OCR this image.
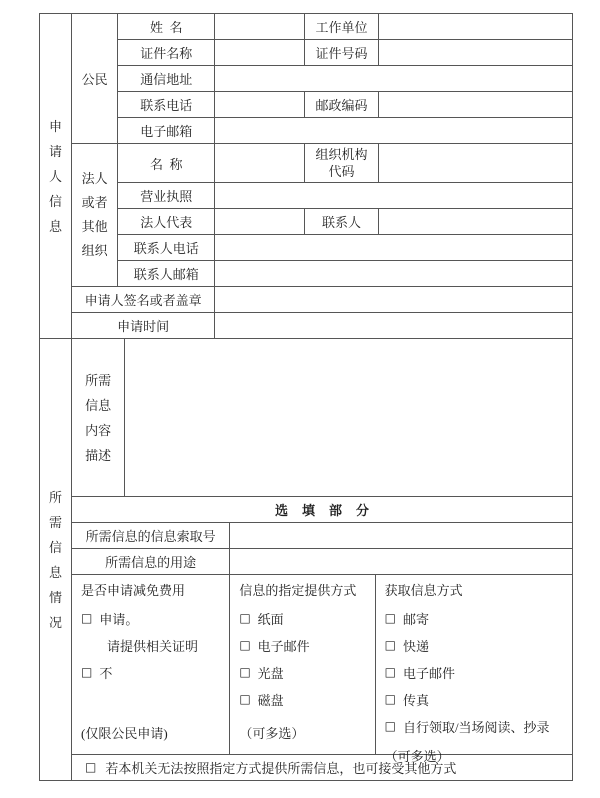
申
请
人
信
息	公民	姓  名		工作单位	
		证件名称		证件号码	
		通信地址			
		联系电话		邮政编码	
		电子邮箱			

	法人
或者
其他
组织	名  称		组织机构
代码	

		营业执照			
		法人代表		联系人	
		联系人电话			
		联系人邮箱			
	申请人签名或者盖章				
	申请时间				
所
需
信
息
情
况

所需
信息
内容
描述

	选填部分			
	所需信息的信息索取号			
	所需信息的用途			

是否申请减免费用
□ 申请。
请提供相关证明
□ 不
(仅限公民申请)

信息的指定提供方式
□ 纸面
□ 电子邮件
□ 光盘
□ 磁盘
（可多选）

获取信息方式
□ 邮寄
□ 快递
□ 电子邮件
□ 传真
□ 自行领取/当场阅读、抄录
（可多选）

	□ 若本机关无法按照指定方式提供所需信息，也可接受其他方式			
